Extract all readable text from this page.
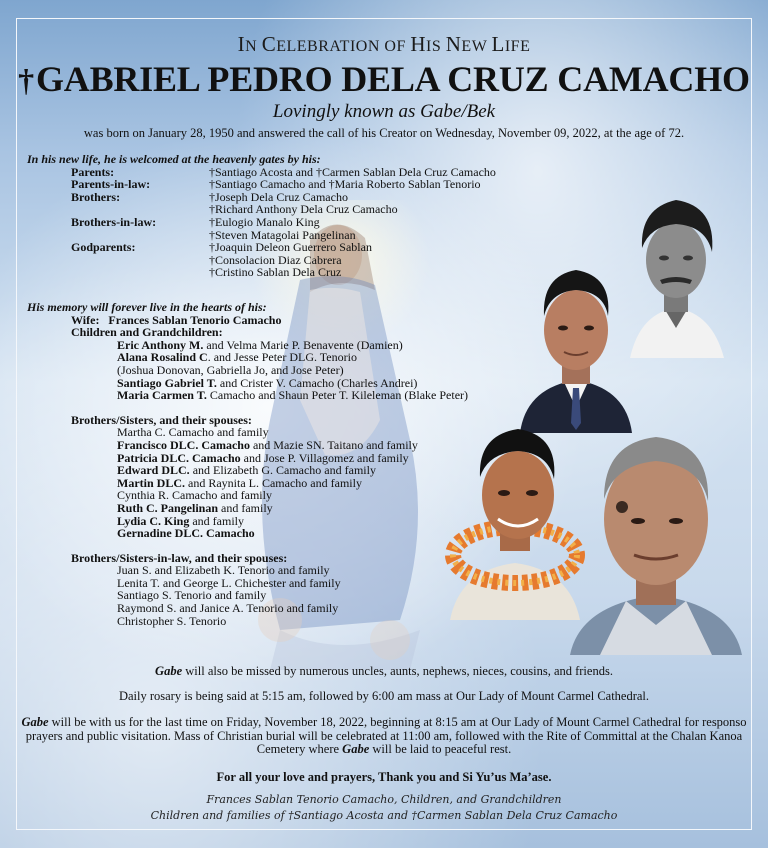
IN CELEBRATION OF HIS NEW LIFE
†GABRIEL PEDRO DELA CRUZ CAMACHO
Lovingly known as Gabe/Bek
was born on January 28, 1950 and answered the call of his Creator on Wednesday, November 09, 2022, at the age of 72.
In his new life, he is welcomed at the heavenly gates by his:
Parents:	†Santiago Acosta and †Carmen Sablan Dela Cruz Camacho
Parents-in-law:	†Santiago Camacho and †Maria Roberto Sablan Tenorio
Brothers:	†Joseph Dela Cruz Camacho
†Richard Anthony Dela Cruz Camacho
Brothers-in-law:	†Eulogio Manalo King
†Steven Matagolai Pangelinan
Godparents:	†Joaquin Deleon Guerrero Sablan
†Consolacion Diaz Cabrera
†Cristino Sablan Dela Cruz
His memory will forever live in the hearts of his:
Wife:   Frances Sablan Tenorio Camacho
Children and Grandchildren:
Eric Anthony M. and Velma Marie P. Benavente (Damien)
Alana Rosalind C. and Jesse Peter DLG. Tenorio
(Joshua Donovan, Gabriella Jo, and Jose Peter)
Santiago Gabriel T. and Crister V. Camacho (Charles Andrei)
Maria Carmen T. Camacho and Shaun Peter T. Kileleman (Blake Peter)
Brothers/Sisters, and their spouses:
Martha C. Camacho and family
Francisco DLC. Camacho and Mazie SN. Taitano and family
Patricia DLC. Camacho and Jose P. Villagomez and family
Edward DLC. and Elizabeth G. Camacho and family
Martin DLC. and Raynita L. Camacho and family
Cynthia R. Camacho and family
Ruth C. Pangelinan and family
Lydia C. King and family
Gernadine DLC. Camacho
Brothers/Sisters-in-law, and their spouses:
Juan S. and Elizabeth K. Tenorio and family
Lenita T. and George L. Chichester and family
Santiago S. Tenorio and family
Raymond S. and Janice A. Tenorio and family
Christopher S. Tenorio
Gabe will also be missed by numerous uncles, aunts, nephews, nieces, cousins, and friends.
Daily rosary is being said at 5:15 am, followed by 6:00 am mass at Our Lady of Mount Carmel Cathedral.
Gabe will be with us for the last time on Friday, November 18, 2022, beginning at 8:15 am at Our Lady of Mount Carmel Cathedral for responso prayers and public visitation. Mass of Christian burial will be celebrated at 11:00 am, followed with the Rite of Committal at the Chalan Kanoa Cemetery where Gabe will be laid to peaceful rest.
For all your love and prayers, Thank you and Si Yu’us Ma’ase.
Frances Sablan Tenorio Camacho, Children, and Grandchildren
Children and families of †Santiago Acosta and †Carmen Sablan Dela Cruz Camacho
